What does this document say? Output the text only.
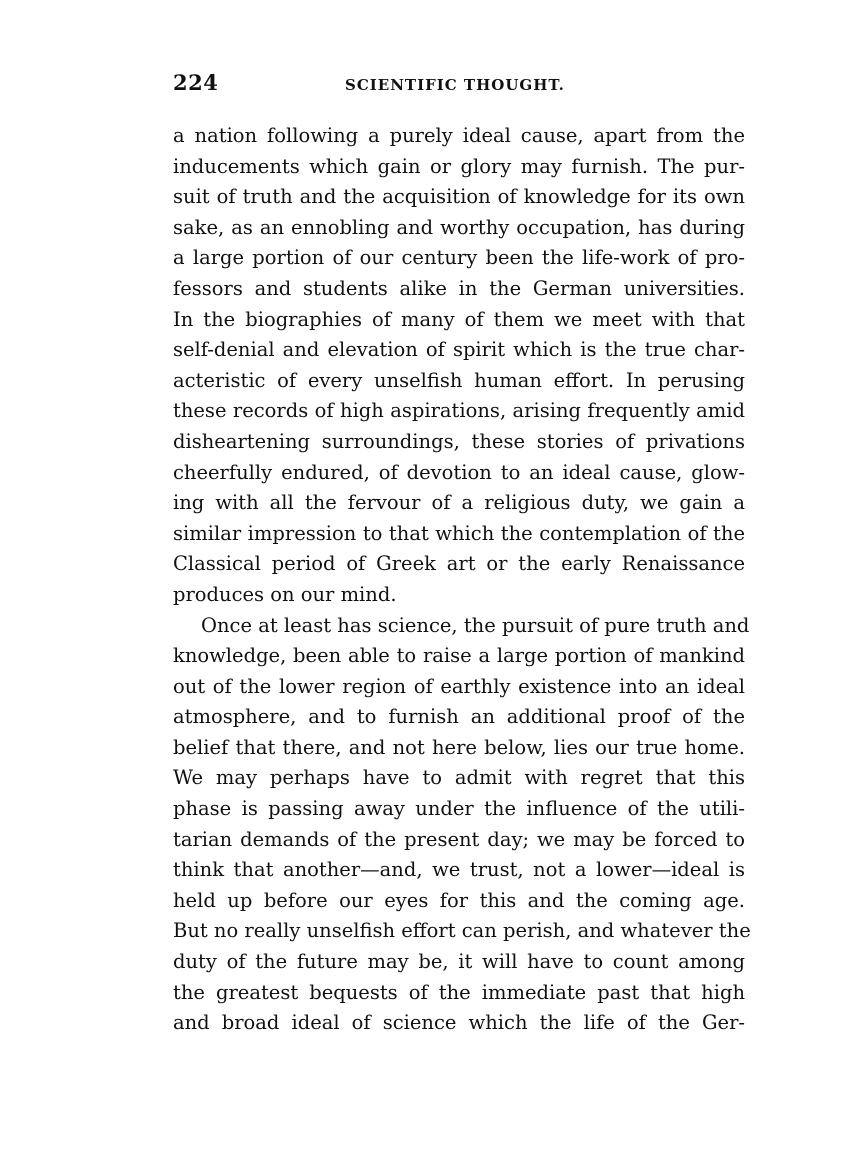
224	SCIENTIFIC THOUGHT.
a nation following a purely ideal cause, apart from the
inducements which gain or glory may furnish. The pur-
suit of truth and the acquisition of knowledge for its own
sake, as an ennobling and worthy occupation, has during
a large portion of our century been the life-work of pro-
fessors and students alike in the German universities.
In the biographies of many of them we meet with that
self-denial and elevation of spirit which is the true char-
acteristic of every unselfish human effort. In perusing
these records of high aspirations, arising frequently amid
disheartening surroundings, these stories of privations
cheerfully endured, of devotion to an ideal cause, glow-
ing with all the fervour of a religious duty, we gain a
similar impression to that which the contemplation of the
Classical period of Greek art or the early Renaissance
produces on our mind.
Once at least has science, the pursuit of pure truth and
knowledge, been able to raise a large portion of mankind
out of the lower region of earthly existence into an ideal
atmosphere, and to furnish an additional proof of the
belief that there, and not here below, lies our true home.
We may perhaps have to admit with regret that this
phase is passing away under the influence of the utili-
tarian demands of the present day; we may be forced to
think that another—and, we trust, not a lower—ideal is
held up before our eyes for this and the coming age.
But no really unselfish effort can perish, and whatever the
duty of the future may be, it will have to count among
the greatest bequests of the immediate past that high
and broad ideal of science which the life of the Ger-
